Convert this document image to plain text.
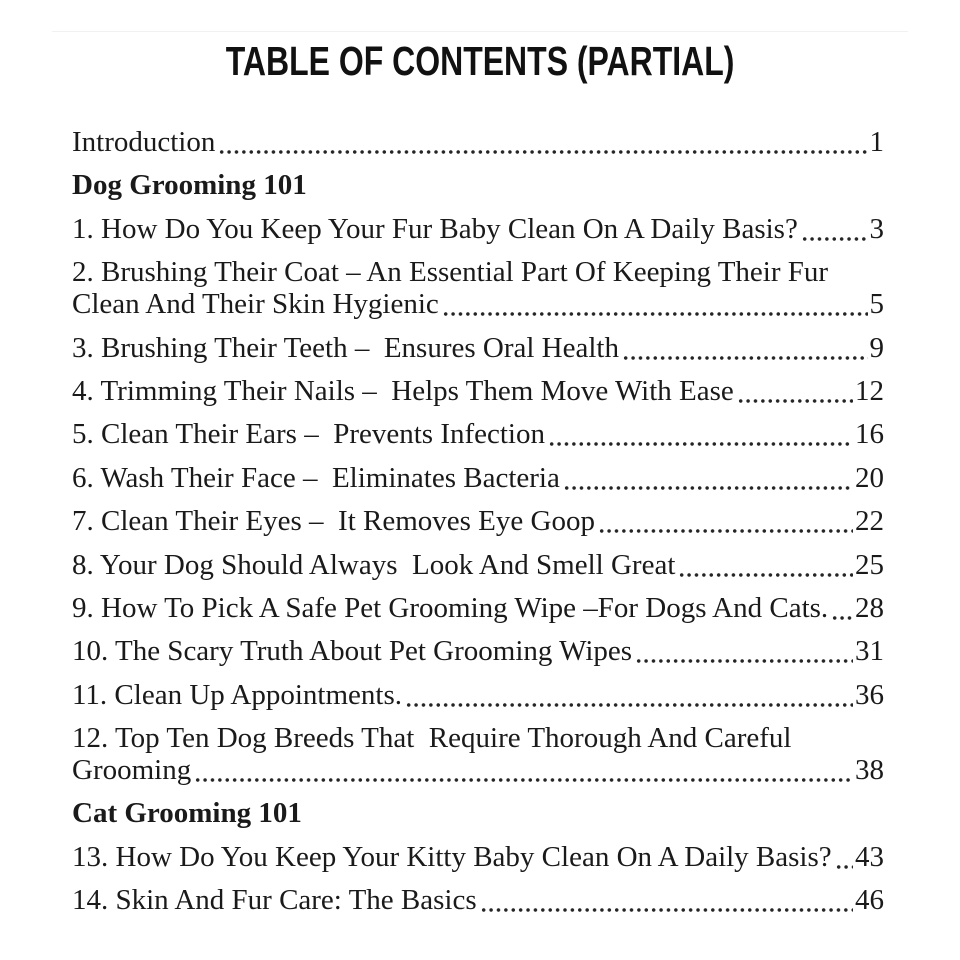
TABLE OF CONTENTS (PARTIAL)
Introduction	1
Dog Grooming 101
1. How Do You Keep Your Fur Baby Clean On A Daily Basis? 3
2. Brushing Their Coat – An Essential Part Of Keeping Their Fur
Clean And Their Skin Hygienic	5
3. Brushing Their Teeth –  Ensures Oral Health	9
4. Trimming Their Nails –  Helps Them Move With Ease	12
5. Clean Their Ears –  Prevents Infection	16
6. Wash Their Face –  Eliminates Bacteria	20
7. Clean Their Eyes –  It Removes Eye Goop	22
8. Your Dog Should Always  Look And Smell Great	25
9. How To Pick A Safe Pet Grooming Wipe –For Dogs And Cats. 28
10. The Scary Truth About Pet Grooming Wipes	31
11. Clean Up Appointments.	36
12. Top Ten Dog Breeds That  Require Thorough And Careful
Grooming	38
Cat Grooming 101
13. How Do You Keep Your Kitty Baby Clean On A Daily Basis? 43
14. Skin And Fur Care: The Basics	46
